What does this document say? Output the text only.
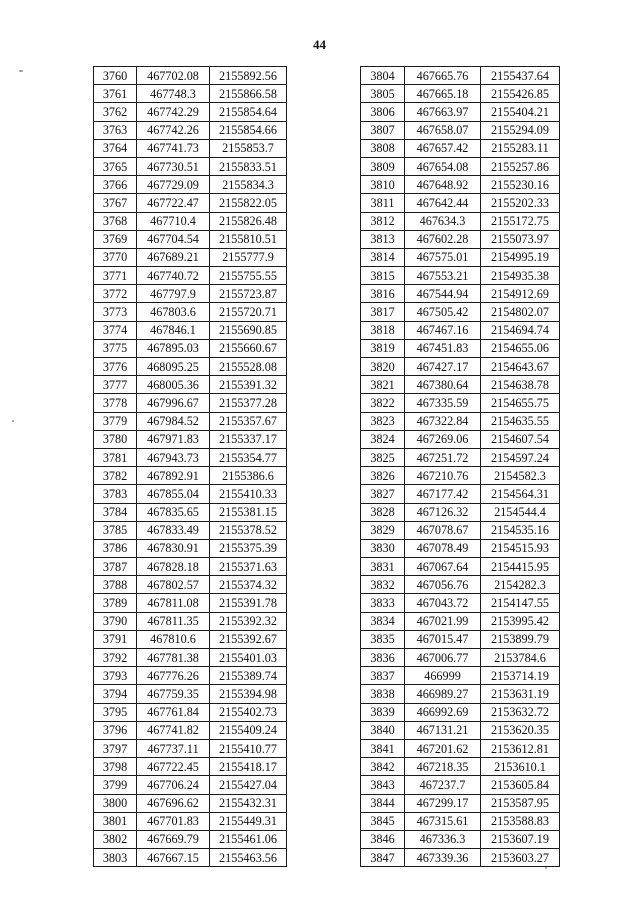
44
3760	467702.08	2155892.56
3761	467748.3	2155866.58
3762	467742.29	2155854.64
3763	467742.26	2155854.66
3764	467741.73	2155853.7
3765	467730.51	2155833.51
3766	467729.09	2155834.3
3767	467722.47	2155822.05
3768	467710.4	2155826.48
3769	467704.54	2155810.51
3770	467689.21	2155777.9
3771	467740.72	2155755.55
3772	467797.9	2155723.87
3773	467803.6	2155720.71
3774	467846.1	2155690.85
3775	467895.03	2155660.67
3776	468095.25	2155528.08
3777	468005.36	2155391.32
3778	467996.67	2155377.28
3779	467984.52	2155357.67
3780	467971.83	2155337.17
3781	467943.73	2155354.77
3782	467892.91	2155386.6
3783	467855.04	2155410.33
3784	467835.65	2155381.15
3785	467833.49	2155378.52
3786	467830.91	2155375.39
3787	467828.18	2155371.63
3788	467802.57	2155374.32
3789	467811.08	2155391.78
3790	467811.35	2155392.32
3791	467810.6	2155392.67
3792	467781.38	2155401.03
3793	467776.26	2155389.74
3794	467759.35	2155394.98
3795	467761.84	2155402.73
3796	467741.82	2155409.24
3797	467737.11	2155410.77
3798	467722.45	2155418.17
3799	467706.24	2155427.04
3800	467696.62	2155432.31
3801	467701.83	2155449.31
3802	467669.79	2155461.06
3803	467667.15	2155463.56
3804	467665.76	2155437.64
3805	467665.18	2155426.85
3806	467663.97	2155404.21
3807	467658.07	2155294.09
3808	467657.42	2155283.11
3809	467654.08	2155257.86
3810	467648.92	2155230.16
3811	467642.44	2155202.33
3812	467634.3	2155172.75
3813	467602.28	2155073.97
3814	467575.01	2154995.19
3815	467553.21	2154935.38
3816	467544.94	2154912.69
3817	467505.42	2154802.07
3818	467467.16	2154694.74
3819	467451.83	2154655.06
3820	467427.17	2154643.67
3821	467380.64	2154638.78
3822	467335.59	2154655.75
3823	467322.84	2154635.55
3824	467269.06	2154607.54
3825	467251.72	2154597.24
3826	467210.76	2154582.3
3827	467177.42	2154564.31
3828	467126.32	2154544.4
3829	467078.67	2154535.16
3830	467078.49	2154515.93
3831	467067.64	2154415.95
3832	467056.76	2154282.3
3833	467043.72	2154147.55
3834	467021.99	2153995.42
3835	467015.47	2153899.79
3836	467006.77	2153784.6
3837	466999	2153714.19
3838	466989.27	2153631.19
3839	466992.69	2153632.72
3840	467131.21	2153620.35
3841	467201.62	2153612.81
3842	467218.35	2153610.1
3843	467237.7	2153605.84
3844	467299.17	2153587.95
3845	467315.61	2153588.83
3846	467336.3	2153607.19
3847	467339.36	2153603.27
